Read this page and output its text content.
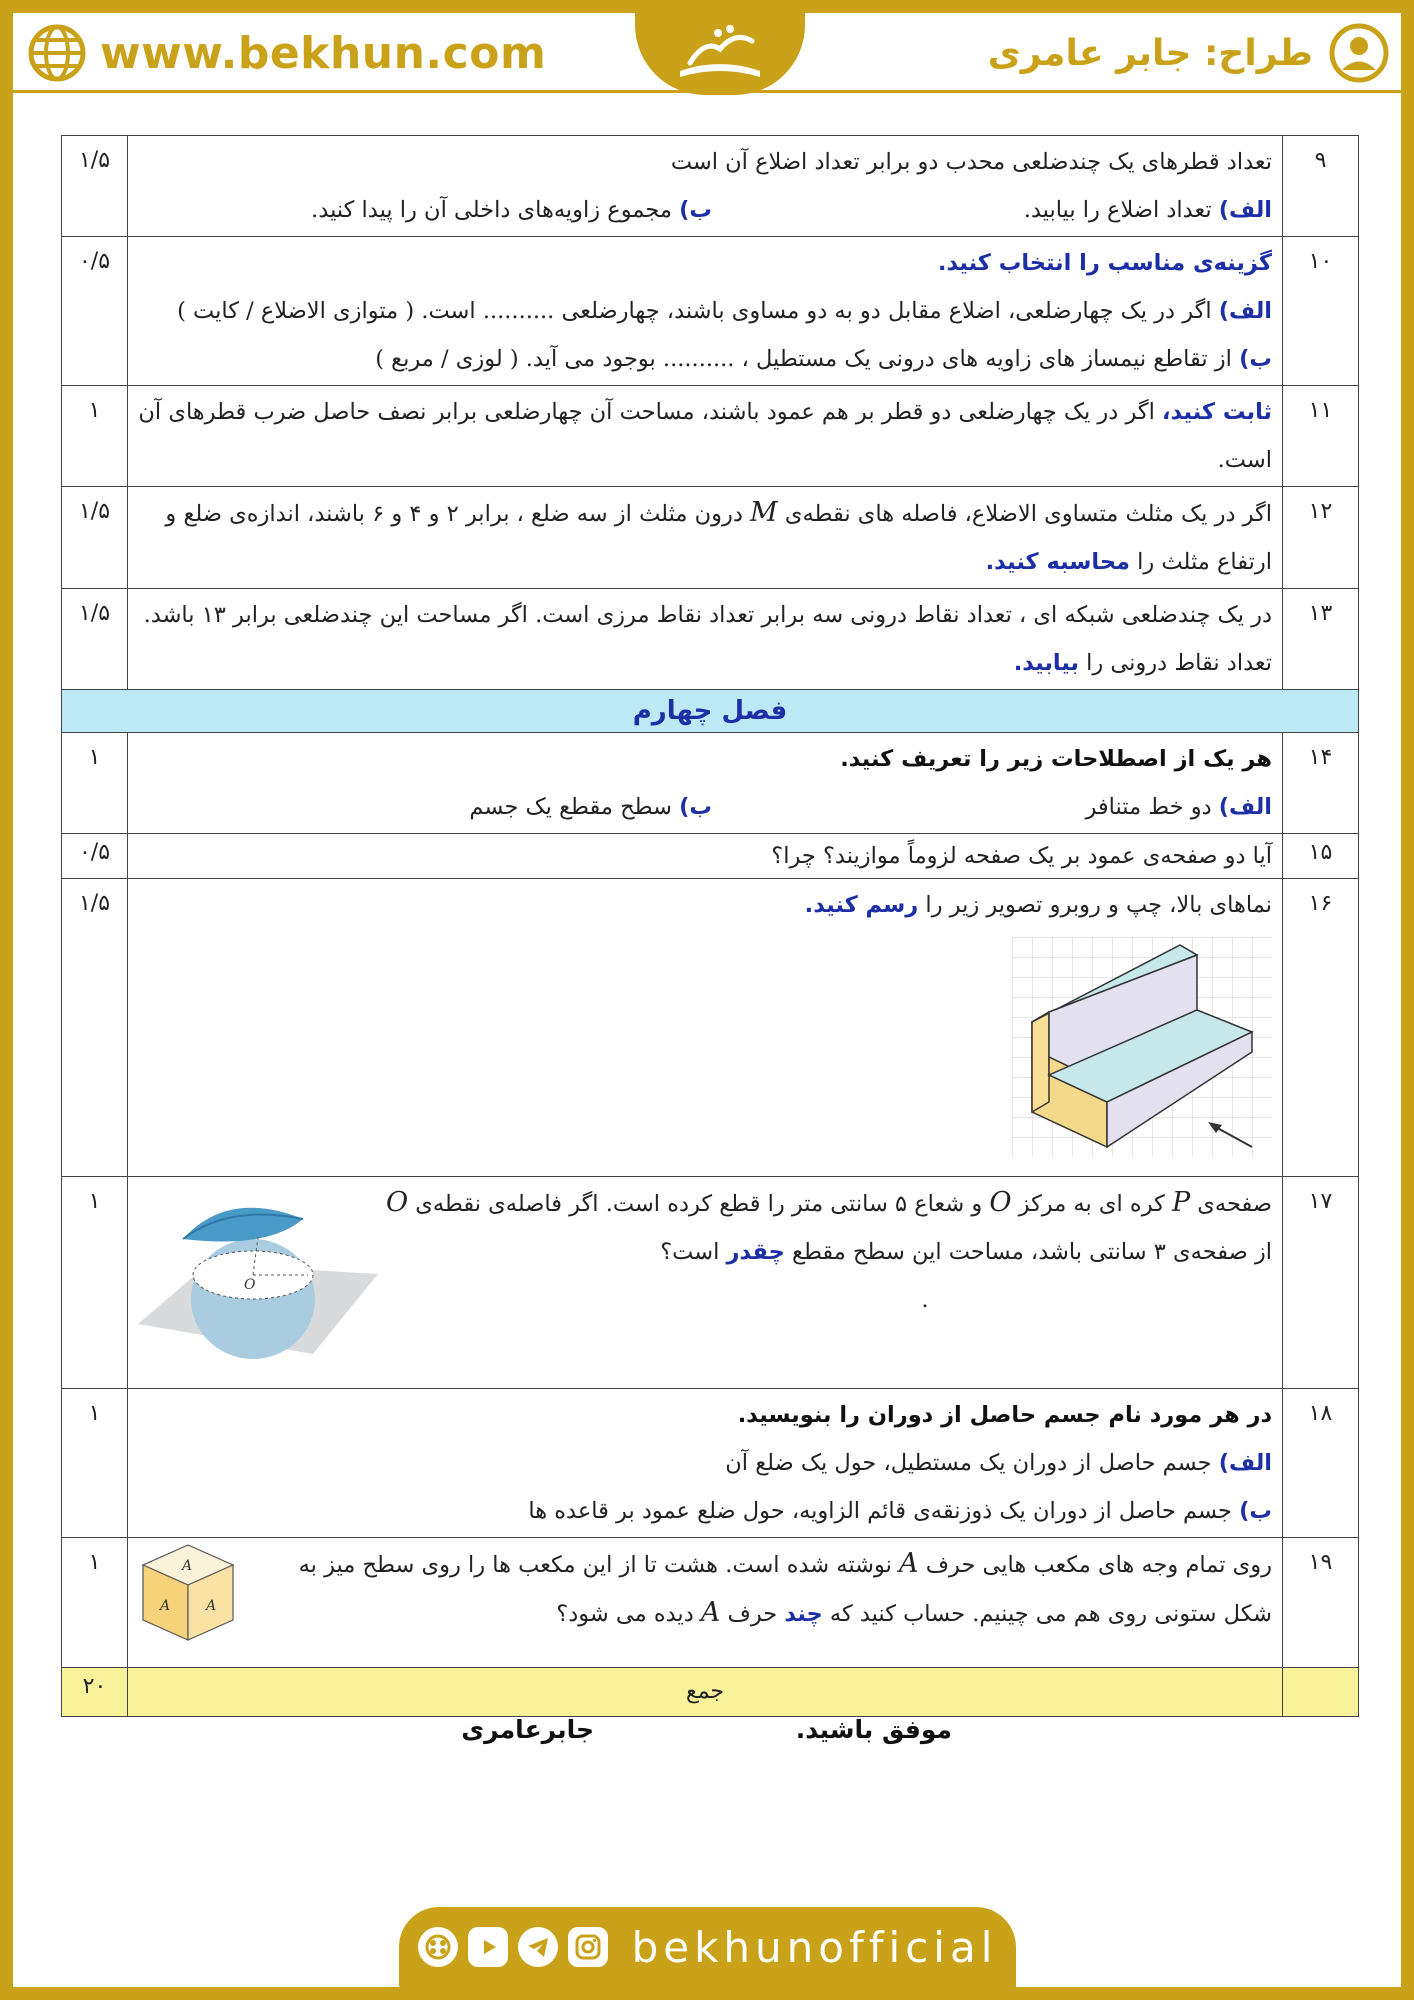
www.bekhun.com	طراح: جابر عامری
۹	تعداد قطرهای یک چندضلعی محدب دو برابر تعداد اضلاع آن است
الف) تعداد اضلاع را بیابید.
ب) مجموع زاویه‌های داخلی آن را پیدا کنید.	۱/۵
۱۰	گزینه‌ی مناسب را انتخاب کنید.
الف) اگر در یک چهارضلعی، اضلاع مقابل دو به دو مساوی باشند، چهارضلعی .......... است. ( متوازی الاضلاع / کایت )
ب) از تقاطع نیمساز های زاویه های درونی یک مستطیل ، .......... بوجود می آید. ( لوزی / مربع )	۰/۵
۱۱	ثابت کنید، اگر در یک چهارضلعی دو قطر بر هم عمود باشند، مساحت آن چهارضلعی برابر نصف حاصل ضرب قطرهای آن است.	۱
۱۲	اگر در یک مثلث متساوی الاضلاع، فاصله های نقطه‌ی M درون مثلث از سه ضلع ، برابر ۲ و ۴ و ۶ باشند، اندازه‌ی ضلع و ارتفاع مثلث را محاسبه کنید.	۱/۵
۱۳	در یک چندضلعی شبکه ای ، تعداد نقاط درونی سه برابر تعداد نقاط مرزی است. اگر مساحت این چندضلعی برابر ۱۳ باشد. تعداد نقاط درونی را بیابید.	۱/۵
فصل چهارم		
۱۴	هر یک از اصطلاحات زیر را تعریف کنید.
الف) دو خط متنافر
ب) سطح مقطع یک جسم	۱
۱۵	آیا دو صفحه‌ی عمود بر یک صفحه لزوماً موازیند؟ چرا؟	۰/۵
۱۶	نماهای بالا، چپ و روبرو تصویر زیر را رسم کنید.	۱/۵
۱۷	صفحه‌ی P کره ای به مرکز O و شعاع ۵ سانتی متر را قطع کرده است. اگر فاصله‌ی نقطه‌ی O از صفحه‌ی ۳ سانتی باشد، مساحت این سطح مقطع چقدر است؟
.
O	۱
۱۸	در هر مورد نام جسم حاصل از دوران را بنویسید.
الف) جسم حاصل از دوران یک مستطیل، حول یک ضلع آن
ب) جسم حاصل از دوران یک ذوزنقه‌ی قائم الزاویه، حول ضلع عمود بر قاعده ها	۱
۱۹	روی تمام وجه های مکعب هایی حرف A نوشته شده است. هشت تا از این مکعب ها را روی سطح میز به شکل ستونی روی هم می چینیم. حساب کنید که چند حرف A دیده می شود؟
A
A A	۱
	جمع	۲۰
موفق باشید.
جابرعامری
bekhunofficial
